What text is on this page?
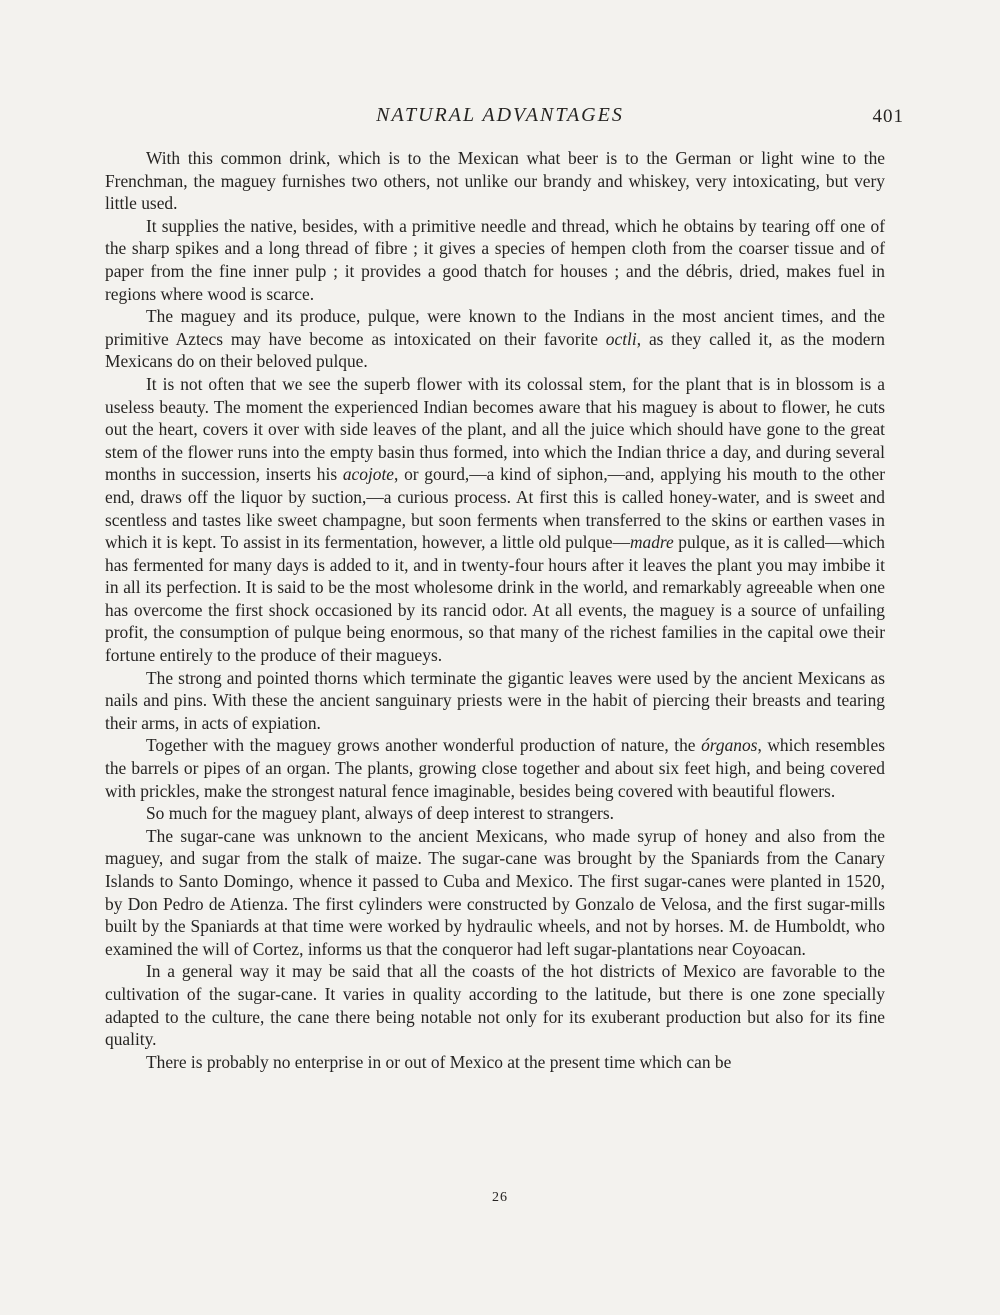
NATURAL ADVANTAGES	401

With this common drink, which is to the Mexican what beer is to the German or light wine to the Frenchman, the maguey furnishes two others, not unlike our brandy and whiskey, very intoxicating, but very little used.

It supplies the native, besides, with a primitive needle and thread, which he obtains by tearing off one of the sharp spikes and a long thread of fibre ; it gives a species of hempen cloth from the coarser tissue and of paper from the fine inner pulp ; it provides a good thatch for houses ; and the débris, dried, makes fuel in regions where wood is scarce.

The maguey and its produce, pulque, were known to the Indians in the most ancient times, and the primitive Aztecs may have become as intoxicated on their favorite octli, as they called it, as the modern Mexicans do on their beloved pulque.

It is not often that we see the superb flower with its colossal stem, for the plant that is in blossom is a useless beauty. The moment the experienced Indian becomes aware that his maguey is about to flower, he cuts out the heart, covers it over with side leaves of the plant, and all the juice which should have gone to the great stem of the flower runs into the empty basin thus formed, into which the Indian thrice a day, and during several months in succession, inserts his acojote, or gourd,—a kind of siphon,—and, applying his mouth to the other end, draws off the liquor by suction,—a curious process. At first this is called honey-water, and is sweet and scentless and tastes like sweet champagne, but soon ferments when transferred to the skins or earthen vases in which it is kept. To assist in its fermentation, however, a little old pulque—madre pulque, as it is called—which has fermented for many days is added to it, and in twenty-four hours after it leaves the plant you may imbibe it in all its perfection. It is said to be the most wholesome drink in the world, and remarkably agreeable when one has overcome the first shock occasioned by its rancid odor. At all events, the maguey is a source of unfailing profit, the consumption of pulque being enormous, so that many of the richest families in the capital owe their fortune entirely to the produce of their magueys.

The strong and pointed thorns which terminate the gigantic leaves were used by the ancient Mexicans as nails and pins. With these the ancient sanguinary priests were in the habit of piercing their breasts and tearing their arms, in acts of expiation.

Together with the maguey grows another wonderful production of nature, the órganos, which resembles the barrels or pipes of an organ. The plants, growing close together and about six feet high, and being covered with prickles, make the strongest natural fence imaginable, besides being covered with beautiful flowers.

So much for the maguey plant, always of deep interest to strangers.

The sugar-cane was unknown to the ancient Mexicans, who made syrup of honey and also from the maguey, and sugar from the stalk of maize. The sugar-cane was brought by the Spaniards from the Canary Islands to Santo Domingo, whence it passed to Cuba and Mexico. The first sugar-canes were planted in 1520, by Don Pedro de Atienza. The first cylinders were constructed by Gonzalo de Velosa, and the first sugar-mills built by the Spaniards at that time were worked by hydraulic wheels, and not by horses. M. de Humboldt, who examined the will of Cortez, informs us that the conqueror had left sugar-plantations near Coyoacan.

In a general way it may be said that all the coasts of the hot districts of Mexico are favorable to the cultivation of the sugar-cane. It varies in quality according to the latitude, but there is one zone specially adapted to the culture, the cane there being notable not only for its exuberant production but also for its fine quality.

There is probably no enterprise in or out of Mexico at the present time which can be

26
